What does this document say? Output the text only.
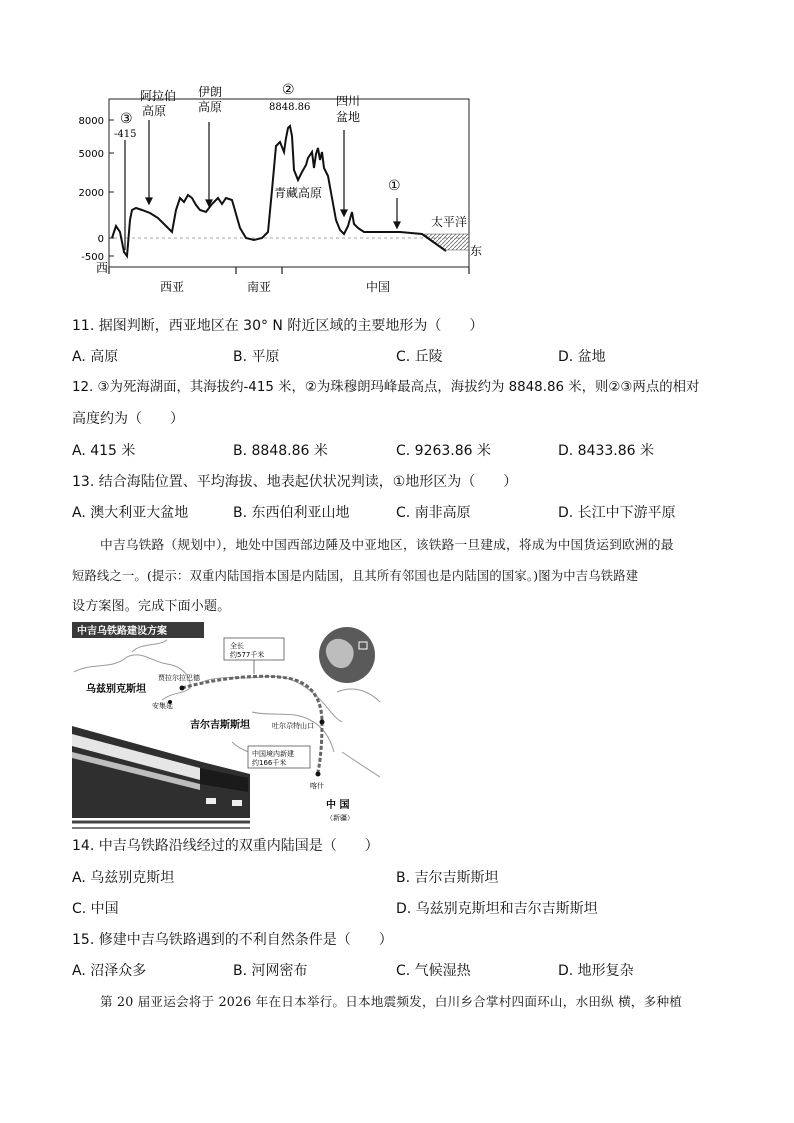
8000
5000
2000
0
-500
③
-415
阿拉伯
高原
伊朗
高原
②
8848.86 四川
盆地
青藏高原	①
太平洋
东
西
西亚	南亚	中国
11. 据图判断，西亚地区在 30° N 附近区域的主要地形为（　　）
A. 高原	B. 平原	C. 丘陵	D. 盆地
12. ③为死海湖面，其海拔约-415 米，②为珠穆朗玛峰最高点，海拔约为 8848.86 米，则②③两点的相对
高度约为（　　）
A. 415 米	B. 8848.86 米	C. 9263.86 米	D. 8433.86 米
13. 结合海陆位置、平均海拔、地表起伏状况判读，①地形区为（　　）
A. 澳大利亚大盆地	B. 东西伯利亚山地	C. 南非高原	D. 长江中下游平原
中吉乌铁路（规划中），地处中国西部边陲及中亚地区，该铁路一旦建成，将成为中国货运到欧洲的最
短路线之一。(提示：双重内陆国指本国是内陆国，且其所有邻国也是内陆国的国家。)图为中吉乌铁路建
设方案图。完成下面小题。
中吉乌铁路建设方案
全长
约577千米
中国境内新建
约166千米
贾拉尔拉巴德
安集延
乌兹别克斯坦
吉尔吉斯斯坦	吐尔尕特山口
喀什
中 国
（新疆）
14. 中吉乌铁路沿线经过的双重内陆国是（　　）
A. 乌兹别克斯坦	B. 吉尔吉斯斯坦
C. 中国	D. 乌兹别克斯坦和吉尔吉斯斯坦
15. 修建中吉乌铁路遇到的不利自然条件是（　　）
A. 沼泽众多	B. 河网密布	C. 气候湿热	D. 地形复杂
第 20 届亚运会将于 2026 年在日本举行。日本地震频发，白川乡合掌村四面环山，水田纵 横，多种植
